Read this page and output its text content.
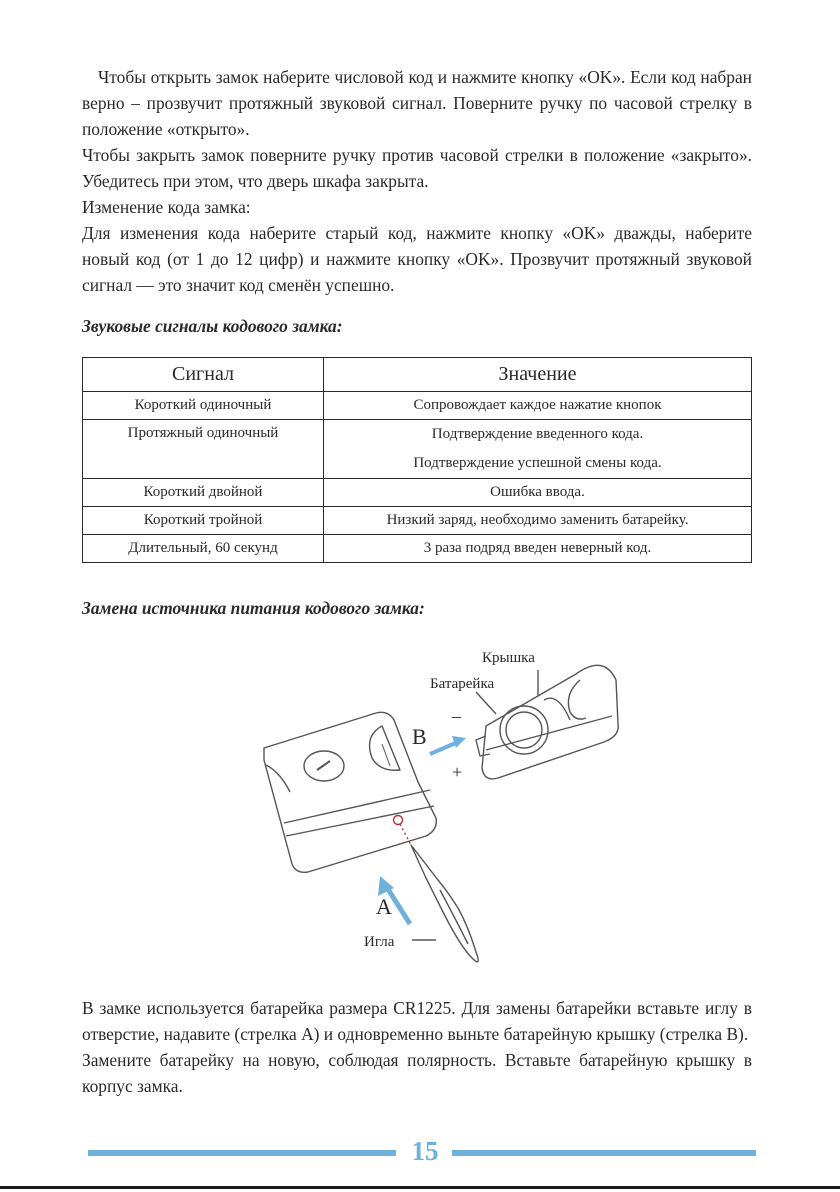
Чтобы открыть замок наберите числовой код и нажмите кнопку «OK». Если код набран верно – прозвучит протяжный звуковой сигнал. Поверните ручку по часовой стрелку в положение «открыто».

Чтобы закрыть замок поверните ручку против часовой стрелки в положение «закрыто». Убедитесь при этом, что дверь шкафа закрыта.

Изменение кода замка:

Для изменения кода наберите старый код, нажмите кнопку «OK» дважды, наберите новый код (от 1 до 12 цифр) и нажмите кнопку «OK». Прозвучит протяжный звуковой сигнал — это значит код сменён успешно.

Звуковые сигналы кодового замка:
Сигнал	Значение
Короткий одиночный	Сопровождает каждое нажатие кнопок
Протяжный одиночный	Подтверждение введенного кода.
Подтверждение успешной смены кода.

Короткий двойной	Ошибка ввода.
Короткий тройной	Низкий заряд, необходимо заменить батарейку.
Длительный, 60 секунд	3 раза подряд введен неверный код.
Замена источника питания кодового замка:
Крышка
Батарейка
–
+
B
A
Игла

В замке используется батарейка размера CR1225. Для замены батарейки вставьте иглу в отверстие, надавите (стрелка А) и одновременно выньте батарейную крышку (стрелка В).

Замените батарейку на новую, соблюдая полярность. Вставьте батарейную крышку в корпус замка.

15
